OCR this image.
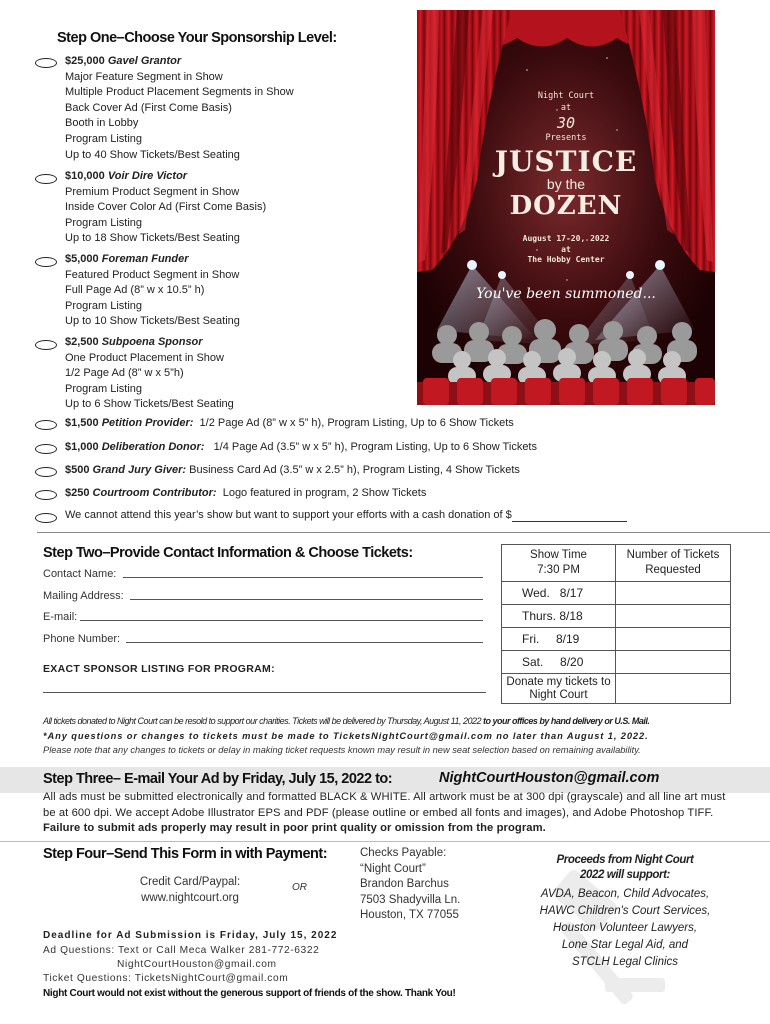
Step One–Choose Your Sponsorship Level:
$25,000 Gavel Grantor
Major Feature Segment in Show
Multiple Product Placement Segments in Show
Back Cover Ad (First Come Basis)
Booth in Lobby
Program Listing
Up to 40 Show Tickets/Best Seating
$10,000 Voir Dire Victor
Premium Product Segment in Show
Inside Cover Color Ad (First Come Basis)
Program Listing
Up to 18 Show Tickets/Best Seating
$5,000 Foreman Funder
Featured Product Segment in Show
Full Page Ad (8” w x 10.5” h)
Program Listing
Up to 10 Show Tickets/Best Seating
$2,500 Subpoena Sponsor
One Product Placement in Show
1/2 Page Ad (8” w x 5”h)
Program Listing
Up to 6 Show Tickets/Best Seating
$1,500 Petition Provider: 1/2 Page Ad (8” w x 5” h), Program Listing, Up to 6 Show Tickets
$1,000 Deliberation Donor: 1/4 Page Ad (3.5” w x 5” h), Program Listing, Up to 6 Show Tickets
$500 Grand Jury Giver: Business Card Ad (3.5” w x 2.5” h), Program Listing, 4 Show Tickets
$250 Courtroom Contributor: Logo featured in program, 2 Show Tickets
We cannot attend this year’s show but want to support your efforts with a cash donation of $
Night Court
at
30
Presents
JUSTICE
by the
DOZEN
August 17-20, 2022
at
The Hobby Center
You've been summoned...
Step Two–Provide Contact Information & Choose Tickets:
Contact Name:
Mailing Address:
E-mail:
Phone Number:
EXACT SPONSOR LISTING FOR PROGRAM:
Show Time
7:30 PM	Number of Tickets Requested
Wed.   8/17	
Thurs. 8/18	
Fri.     8/19	
Sat.     8/20	
Donate my tickets to Night Court	
All tickets donated to Night Court can be resold to support our charities. Tickets will be delivered by Thursday, August 11, 2022 to your offices by hand delivery or U.S. Mail.
*Any questions or changes to tickets must be made to TicketsNightCourt@gmail.com no later than August 1, 2022.
Please note that any changes to tickets or delay in making ticket requests known may result in new seat selection based on remaining availability.
Step Three– E-mail Your Ad by Friday, July 15, 2022 to:	NightCourtHouston@gmail.com
All ads must be submitted electronically and formatted BLACK & WHITE. All artwork must be at 300 dpi (grayscale) and all line art must be at 600 dpi. We accept Adobe Illustrator EPS and PDF (please outline or embed all fonts and images), and Adobe Photoshop TIFF. Failure to submit ads properly may result in poor print quality or omission from the program.
Step Four–Send This Form in with Payment:
Credit Card/Paypal:
www.nightcourt.org
OR
Checks Payable:
“Night Court”
Brandon Barchus
7503 Shadyvilla Ln.
Houston, TX 77055
Proceeds from Night Court 2022 will support:
AVDA, Beacon, Child Advocates,
HAWC Children's Court Services,
Houston Volunteer Lawyers,
Lone Star Legal Aid, and
STCLH Legal Clinics
Deadline for Ad Submission is Friday, July 15, 2022
Ad Questions: Text or Call Meca Walker 281-772-6322
NightCourtHouston@gmail.com
Ticket Questions: TicketsNightCourt@gmail.com
Night Court would not exist without the generous support of friends of the show. Thank You!
